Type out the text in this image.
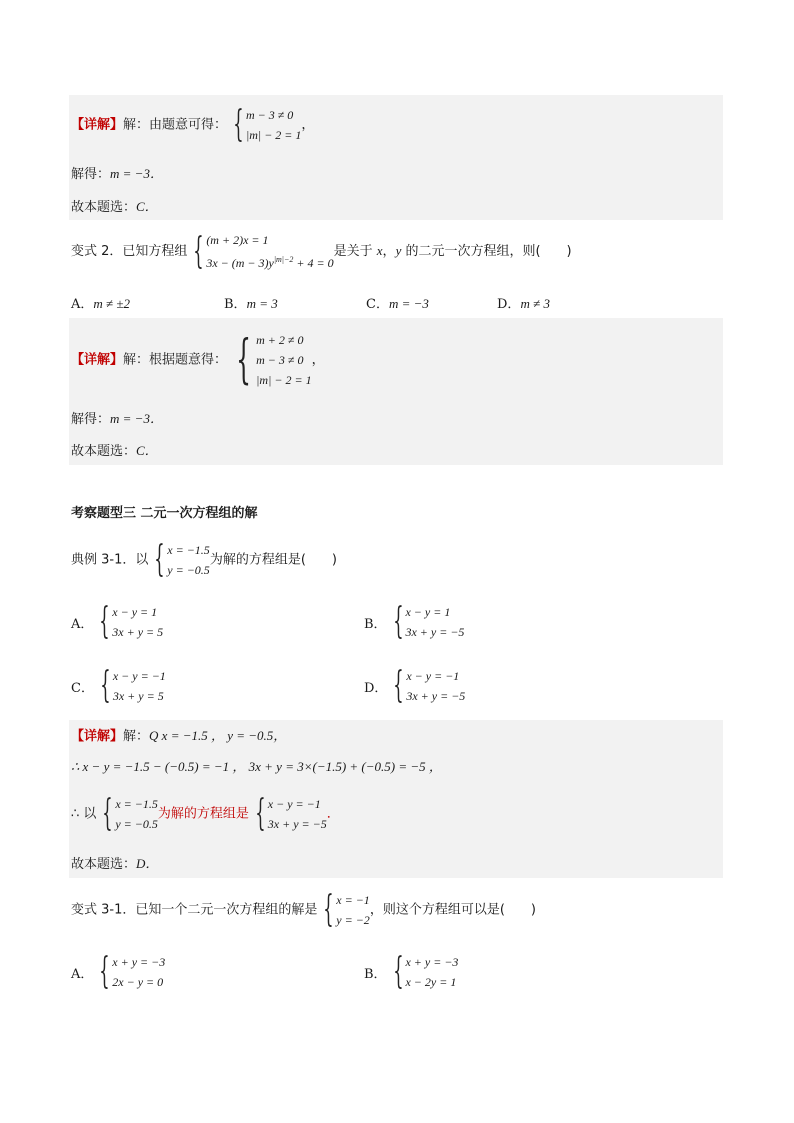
【详解】解：由题意可得： { m − 3 ≠ 0
|m| − 2 = 1
，
解得：m = −3．
故本题选：C．
变式 2．已知方程组 { (m + 2)x = 1
$3x - (m - 3)y^{|m|-2} + 4 = 0$
是关于 x，y 的二元一次方程组，则(　　)
A．m ≠ ±2	B．m = 3	C．m = −3	D．m ≠ 3
【详解】解：根据题意得： { m + 2 ≠ 0
m − 3 ≠ 0
|m| − 2 = 1
，
解得：m = −3．
故本题选：C．
考察题型三 二元一次方程组的解
典例 3-1．以 { x = −1.5
y = −0.5
为解的方程组是(　　)
A． { x − y = 1
3x + y = 5
B． { x − y = 1
3x + y = −5
C． { x − y = −1
3x + y = 5
D． { x − y = −1
3x + y = −5
【详解】解：Q x = −1.5 ， y = −0.5，
∴ x − y = −1.5 − (−0.5) = −1 ， 3x + y = 3×(−1.5) + (−0.5) = −5 ，
∴ 以 { x = −1.5
y = −0.5
为解的方程组是 { x − y = −1
3x + y = −5
．
故本题选：D．
变式 3-1．已知一个二元一次方程组的解是 { x = −1
y = −2
，则这个方程组可以是(　　)
A． { x + y = −3
2x − y = 0
B． { x + y = −3
x − 2y = 1
